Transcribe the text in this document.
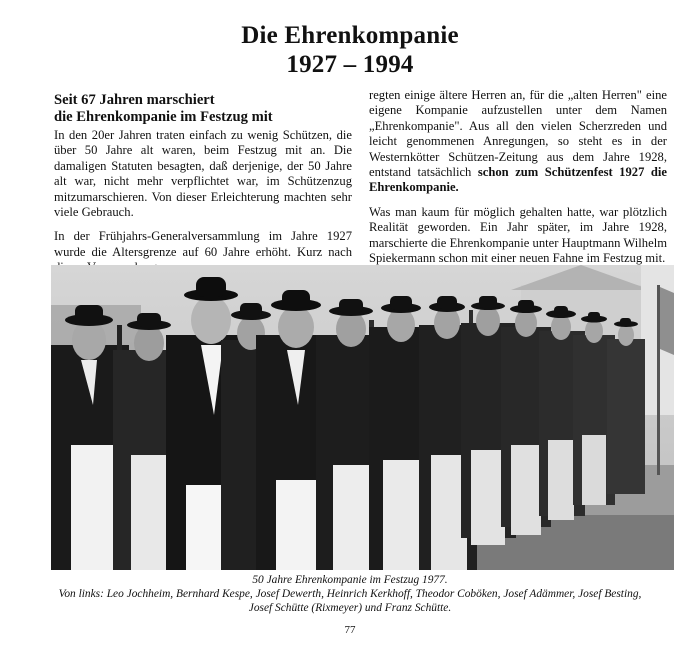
Die Ehrenkompanie
1927 – 1994
Seit 67 Jahren marschiert
die Ehrenkompanie im Festzug mit

In den 20er Jahren traten einfach zu wenig Schützen, die über 50 Jahre alt waren, beim Festzug mit an. Die damaligen Statuten besagten, daß derjenige, der 50 Jahre alt war, nicht mehr verpflichtet war, im Schützenzug mitzumarschieren. Von dieser Erleichterung machten sehr viele Gebrauch.

In der Frühjahrs-Generalversammlung im Jahre 1927 wurde die Altersgrenze auf 60 Jahre erhöht. Kurz nach

regten einige ältere Herren an, für die „alten Herren" eine eigene Kompanie aufzustellen unter dem Namen „Ehrenkompanie". Aus all den vielen Scherzreden und leicht genommenen Anregungen, so steht es in der Westernkötter Schützen-Zeitung aus dem Jahre 1928, entstand tatsächlich schon zum Schützenfest 1927 die Ehrenkompanie.

Was man kaum für möglich gehalten hatte, war plötzlich Realität geworden. Ein Jahr später, im Jahre 1928, marschierte die Ehrenkompanie unter Hauptmann Wilhelm Spiekermann schon mit einer neuen Fahne im Festzug mit.

50 Jahre Ehrenkompanie im Festzug 1977.
Von links: Leo Jochheim, Bernhard Kespe, Josef Dewerth, Heinrich Kerkhoff, Theodor Coböken, Josef Adämmer, Josef Besting,
Josef Schütte (Rixmeyer) und Franz Schütte.
77
